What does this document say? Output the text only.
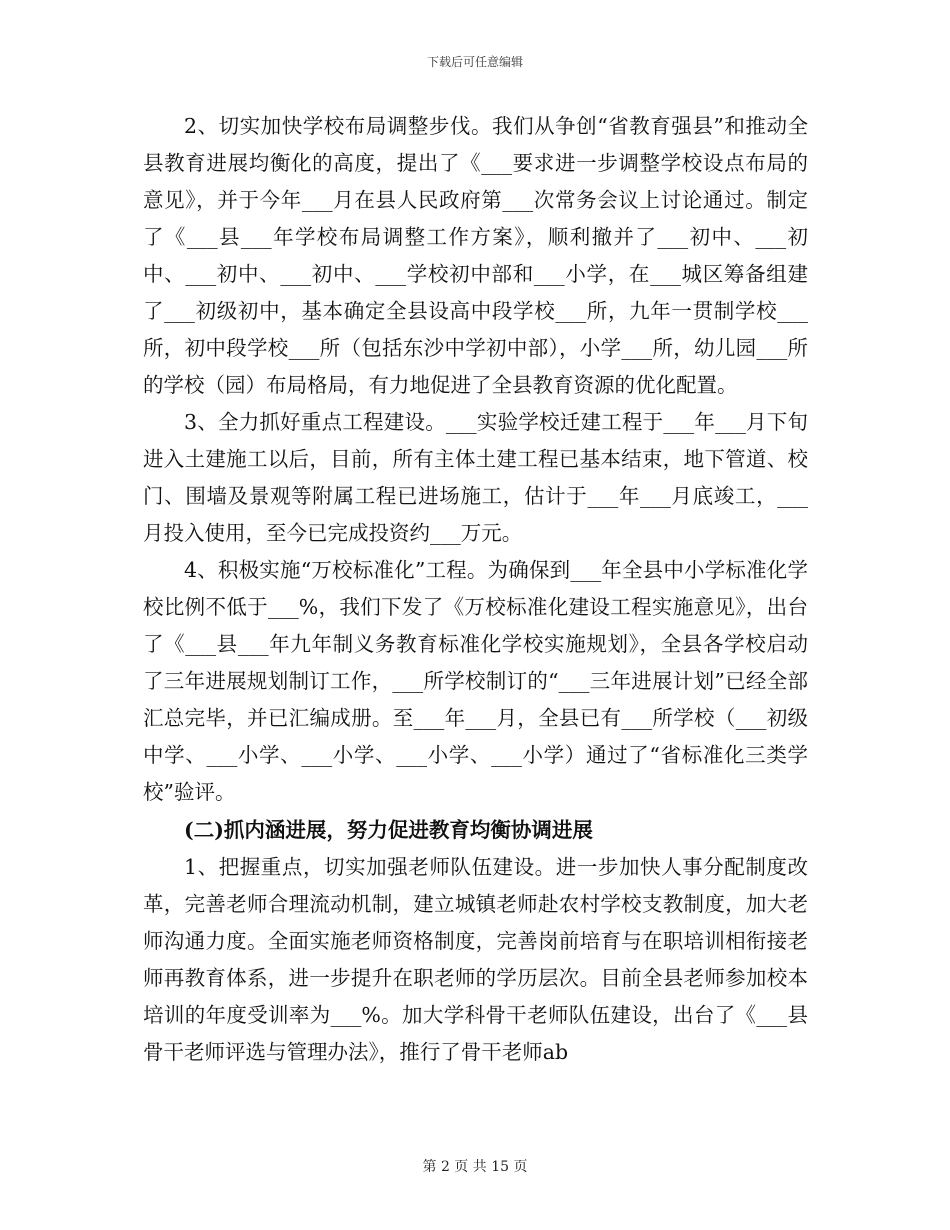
下载后可任意编辑

2、切实加快学校布局调整步伐。我们从争创“省教育强县”和推动全县教育进展均衡化的高度，提出了《___要求进一步调整学校设点布局的意见》，并于今年___月在县人民政府第___次常务会议上讨论通过。制定了《___县___年学校布局调整工作方案》，顺利撤并了___初中、___初中、___初中、___初中、___学校初中部和___小学，在___城区筹备组建了___初级初中，基本确定全县设高中段学校___所，九年一贯制学校___所，初中段学校___所（包括东沙中学初中部），小学___所，幼儿园___所的学校（园）布局格局，有力地促进了全县教育资源的优化配置。

3、全力抓好重点工程建设。___实验学校迁建工程于___年___月下旬进入土建施工以后，目前，所有主体土建工程已基本结束，地下管道、校门、围墙及景观等附属工程已进场施工，估计于___年___月底竣工，___月投入使用，至今已完成投资约___万元。

4、积极实施“万校标准化”工程。为确保到___年全县中小学标准化学校比例不低于___%，我们下发了《万校标准化建设工程实施意见》，出台了《___县___年九年制义务教育标准化学校实施规划》，全县各学校启动了三年进展规划制订工作，___所学校制订的“___三年进展计划”已经全部汇总完毕，并已汇编成册。至___年___月，全县已有___所学校（___初级中学、___小学、___小学、___小学、___小学）通过了“省标准化三类学校”验评。

(二)抓内涵进展，努力促进教育均衡协调进展

1、把握重点，切实加强老师队伍建设。进一步加快人事分配制度改革，完善老师合理流动机制，建立城镇老师赴农村学校支教制度，加大老师沟通力度。全面实施老师资格制度，完善岗前培育与在职培训相衔接老师再教育体系，进一步提升在职老师的学历层次。目前全县老师参加校本培训的年度受训率为___%。加大学科骨干老师队伍建设，出台了《___县骨干老师评选与管理办法》，推行了骨干老师ab

第 2 页 共 15 页
